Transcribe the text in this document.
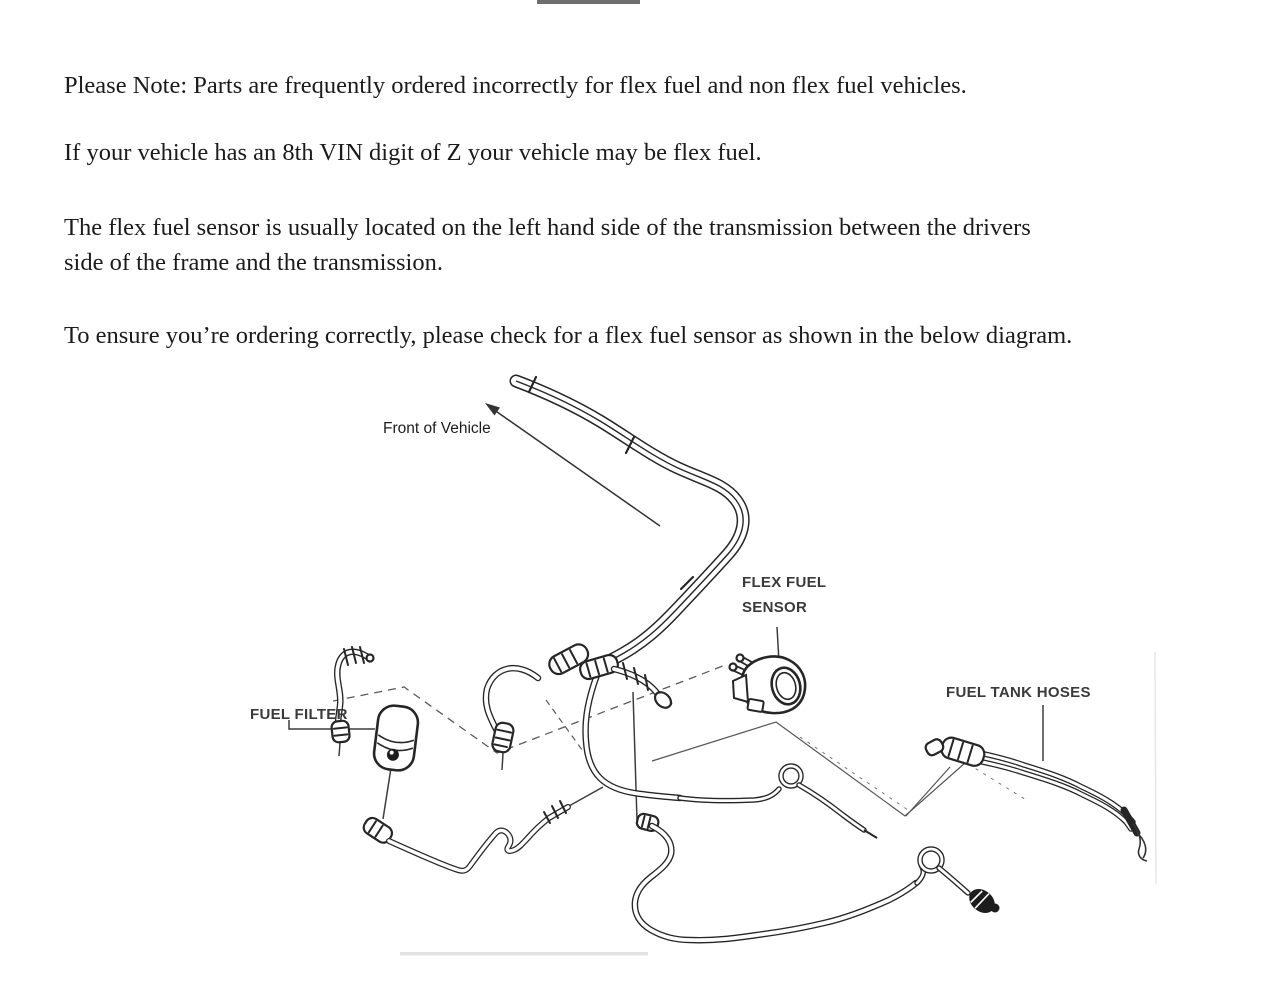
Please Note: Parts are frequently ordered incorrectly for flex fuel and non flex fuel vehicles.
If your vehicle has an 8th VIN digit of Z your vehicle may be flex fuel.
The flex fuel sensor is usually located on the left hand side of the transmission between the drivers
side of the frame and the transmission.
To ensure you’re ordering correctly, please check for a flex fuel sensor as shown in the below diagram.
Front of Vehicle
FLEX FUEL
SENSOR
FUEL FILTER
FUEL TANK HOSES
